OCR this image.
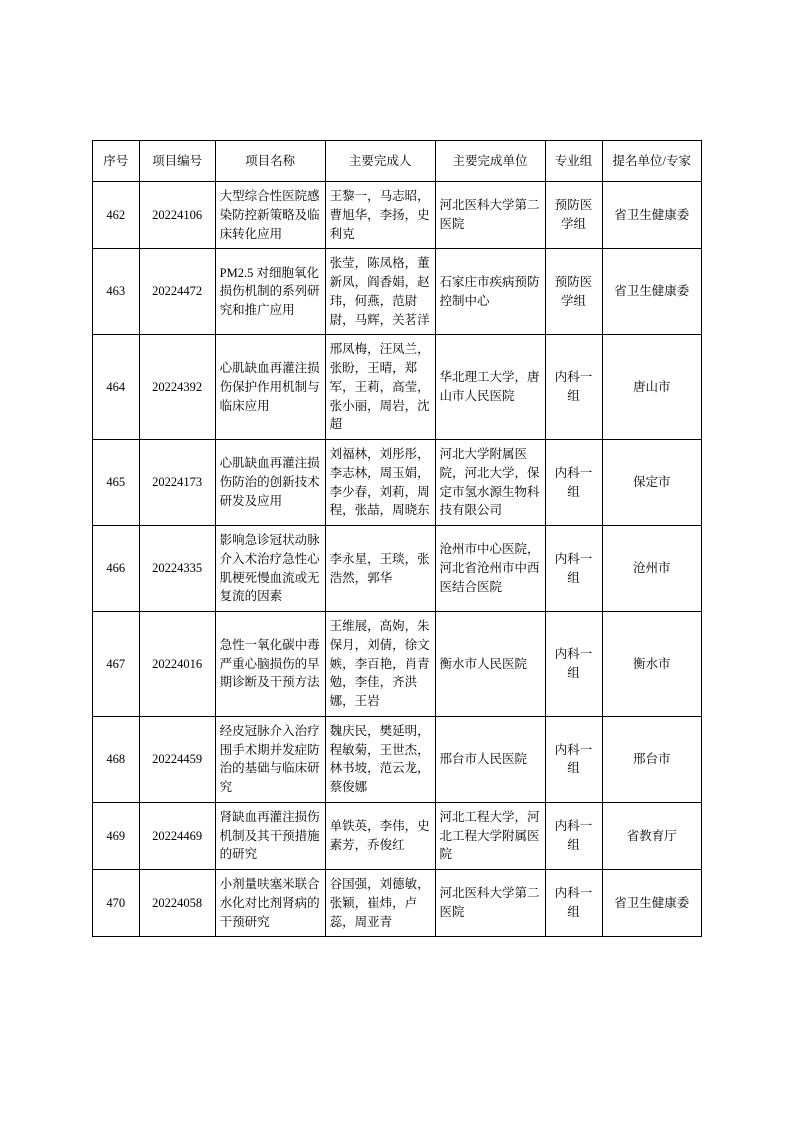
序号	项目编号	项目名称	主要完成人	主要完成单位	专业组	提名单位/专家
462	20224106	大型综合性医院感染防控新策略及临床转化应用	王黎一，马志昭，曹旭华，李扬，史利克	河北医科大学第二医院	预防医学组	省卫生健康委
463	20224472	PM2.5 对细胞氧化损伤机制的系列研究和推广应用	张莹，陈凤格，董新凤，阎香娟，赵玮，何燕，范尉尉，马辉，关茗洋	石家庄市疾病预防控制中心	预防医学组	省卫生健康委
464	20224392	心肌缺血再灌注损伤保护作用机制与临床应用	邢凤梅，汪凤兰，张盼，王晴，郑军，王莉，高莹，张小丽，周岩，沈超	华北理工大学，唐山市人民医院	内科一组	唐山市
465	20224173	心肌缺血再灌注损伤防治的创新技术研发及应用	刘福林，刘彤彤，李志林，周玉娟，李少春，刘莉，周程，张喆，周晓东	河北大学附属医院，河北大学，保定市氢水源生物科技有限公司	内科一组	保定市
466	20224335	影响急诊冠状动脉介入术治疗急性心肌梗死慢血流或无复流的因素	李永星，王琰，张浩然，郭华	沧州市中心医院，河北省沧州市中西医结合医院	内科一组	沧州市
467	20224016	急性一氧化碳中毒严重心脑损伤的早期诊断及干预方法	王维展，高姁，朱保月，刘倩，徐文嫉，李百艳，肖青勉，李佳，齐洪娜，王岩	衡水市人民医院	内科一组	衡水市
468	20224459	经皮冠脉介入治疗围手术期并发症防治的基础与临床研究	魏庆民，樊延明，程敏菊，王世杰，林书坡，范云龙，蔡俊娜	邢台市人民医院	内科一组	邢台市
469	20224469	肾缺血再灌注损伤机制及其干预措施的研究	单铁英，李伟，史素芳，乔俊红	河北工程大学，河北工程大学附属医院	内科一组	省教育厅
470	20224058	小剂量呋塞米联合水化对比剂肾病的干预研究	谷国强，刘德敏，张颖，崔炜，卢蕊，周亚青	河北医科大学第二医院	内科一组	省卫生健康委
